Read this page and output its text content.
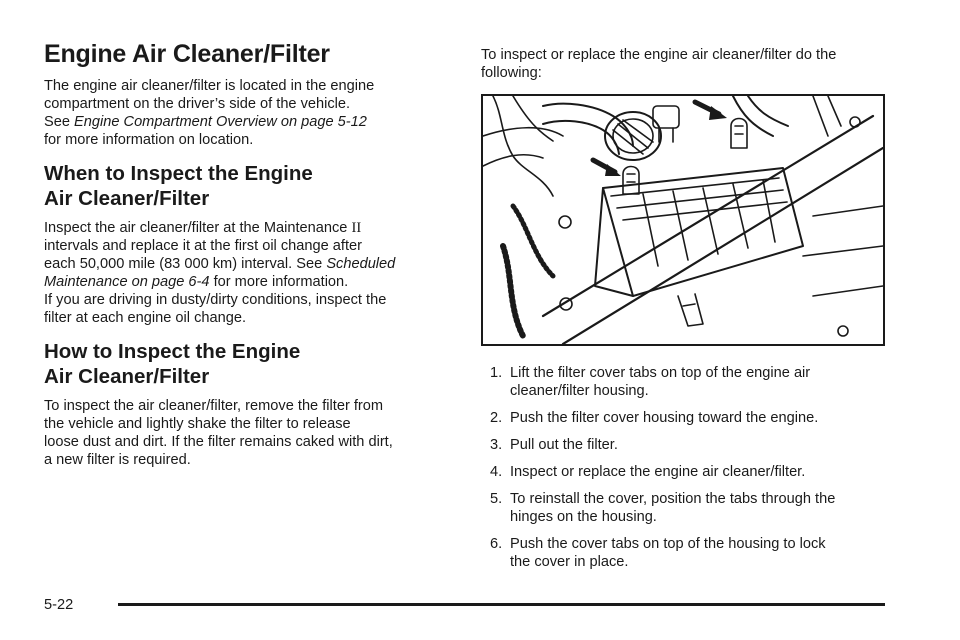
Engine Air Cleaner/Filter

The engine air cleaner/filter is located in the engine
compartment on the driver’s side of the vehicle.
See Engine Compartment Overview on page 5-12
for more information on location.

When to Inspect the Engine
Air Cleaner/Filter

Inspect the air cleaner/filter at the Maintenance II
intervals and replace it at the first oil change after
each 50,000 mile (83 000 km) interval. See Scheduled
Maintenance on page 6-4 for more information.
If you are driving in dusty/dirty conditions, inspect the
filter at each engine oil change.

How to Inspect the Engine
Air Cleaner/Filter

To inspect the air cleaner/filter, remove the filter from
the vehicle and lightly shake the filter to release
loose dust and dirt. If the filter remains caked with dirt,
a new filter is required.

To inspect or replace the engine air cleaner/filter do the
following:

1. Lift the filter cover tabs on top of the engine air
cleaner/filter housing.
2. Push the filter cover housing toward the engine.
3. Pull out the filter.
4. Inspect or replace the engine air cleaner/filter.
5. To reinstall the cover, position the tabs through the
hinges on the housing.
6. Push the cover tabs on top of the housing to lock
the cover in place.
5-22
